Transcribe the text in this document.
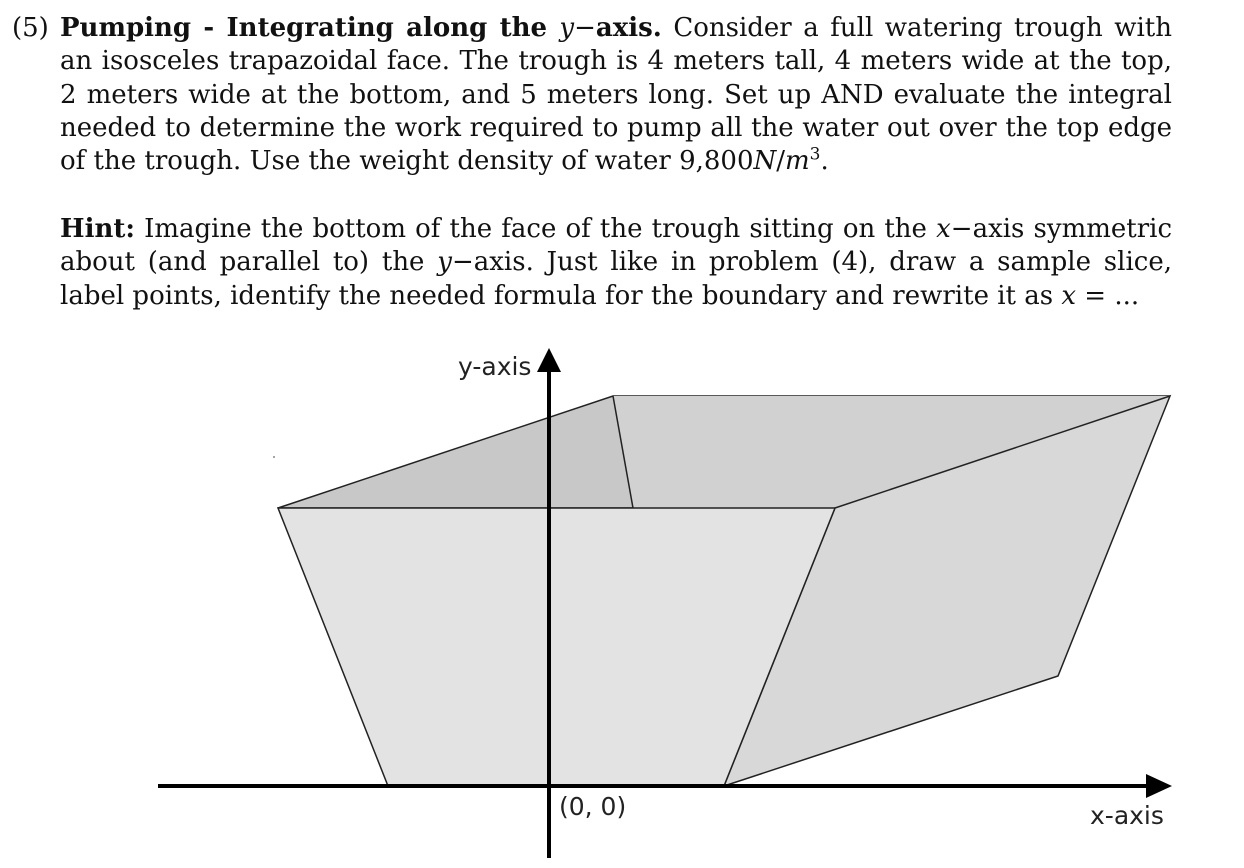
(5) Pumping - Integrating along the y−axis. Consider a full watering trough with an isosceles trapazoidal face. The trough is 4 meters tall, 4 meters wide at the top, 2 meters wide at the bottom, and 5 meters long. Set up AND evaluate the integral needed to determine the work required to pump all the water out over the top edge of the trough. Use the weight density of water $9,800N/m^3$.
Hint: Imagine the bottom of the face of the trough sitting on the x−axis symmetric about (and parallel to) the y−axis. Just like in problem (4), draw a sample slice, label points, identify the needed formula for the boundary and rewrite it as x = ...
y-axis
x-axis
(0, 0)
